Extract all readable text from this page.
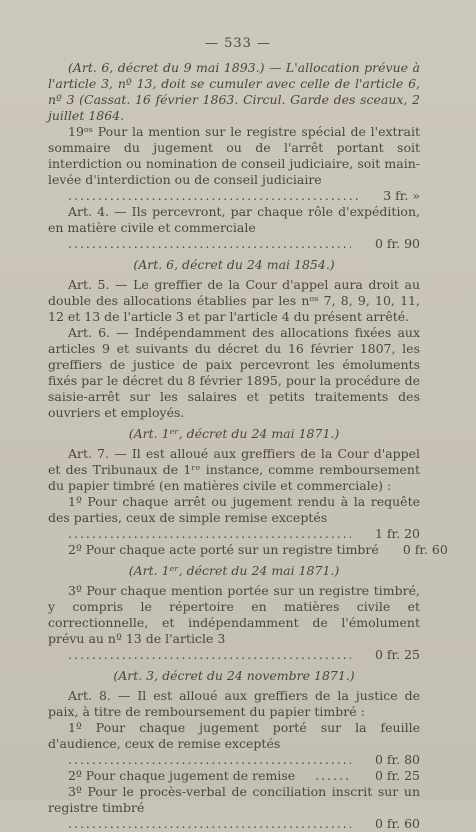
— 533 —

(Art. 6, décret du 9 mai 1893.) — L'allocation prévue à l'article 3, nº 13, doit se cumuler avec celle de l'article 6, nº 3 (Cassat. 16 février 1863. Circul. Garde des sceaux, 2 juillet 1864.

19ᵒˢ Pour la mention sur le registre spécial de l'extrait sommaire du jugement ou de l'arrêt portant soit interdiction ou nomination de conseil judiciaire, soit main-levée d'interdiction ou de conseil judiciaire
.....
3 fr. »

Art. 4. — Ils percevront, par chaque rôle d'expédition, en matière civile et commerciale
.....
0 fr. 90

(Art. 6, décret du 24 mai 1854.)

Art. 5. — Le greffier de la Cour d'appel aura droit au double des allocations établies par les nᵒˢ 7, 8, 9, 10, 11, 12 et 13 de l'article 3 et par l'article 4 du présent arrêté.

Art. 6. — Indépendamment des allocations fixées aux articles 9 et suivants du décret du 16 février 1807, les greffiers de justice de paix percevront les émoluments fixés par le décret du 8 février 1895, pour la procédure de saisie-arrêt sur les salaires et petits traitements des ouvriers et employés.

(Art. 1ᵉʳ, décret du 24 mai 1871.)

Art. 7. — Il est alloué aux greffiers de la Cour d'appel et des Tribunaux de 1ʳᵉ instance, comme remboursement du papier timbré (en matières civile et commerciale) :

1º Pour chaque arrêt ou jugement rendu à la requête des parties, ceux de simple remise exceptés
.....
1 fr. 20

2º Pour chaque acte porté sur un registre timbré	0 fr. 60

(Art. 1ᵉʳ, décret du 24 mai 1871.)

3º Pour chaque mention portée sur un registre timbré, y compris le répertoire en matières civile et correctionnelle, et indépendamment de l'émolument prévu au nº 13 de l'article 3
.....
0 fr. 25

(Art. 3, décret du 24 novembre 1871.)

Art. 8. — Il est alloué aux greffiers de la justice de paix, à titre de remboursement du papier timbré :

1º Pour chaque jugement porté sur la feuille d'audience, ceux de remise exceptés
.....
0 fr. 80

2º Pour chaque jugement de remise
.....	0 fr. 25

3º Pour le procès-verbal de conciliation inscrit sur un registre timbré
.....
0 fr. 60
